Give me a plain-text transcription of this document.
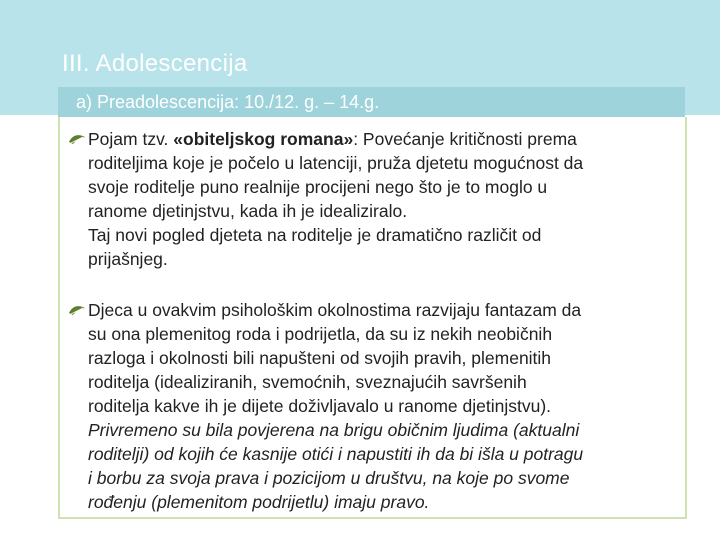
III. Adolescencija
a) Preadolescencija: 10./12. g. – 14.g.
Pojam tzv. «obiteljskog romana»: Povećanje kritičnosti prema
roditeljima koje je počelo u latenciji, pruža djetetu mogućnost da
svoje roditelje puno realnije procijeni nego što je to moglo u
ranome djetinjstvu, kada ih je idealiziralo.
Taj novi pogled djeteta na roditelje je dramatično različit od
prijašnjeg.
Djeca u ovakvim psihološkim okolnostima razvijaju fantazam da
su ona plemenitog roda i podrijetla, da su iz nekih neobičnih
razloga i okolnosti bili napušteni od svojih pravih, plemenitih
roditelja (idealiziranih, svemoćnih, sveznajućih savršenih
roditelja kakve ih je dijete doživljavalo u ranome djetinjstvu).
Privremeno su bila povjerena na brigu običnim ljudima (aktualni
roditelji) od kojih će kasnije otići i napustiti ih da bi išla u potragu
i borbu za svoja prava i pozicijom u društvu, na koje po svome
rođenju (plemenitom podrijetlu) imaju pravo.
